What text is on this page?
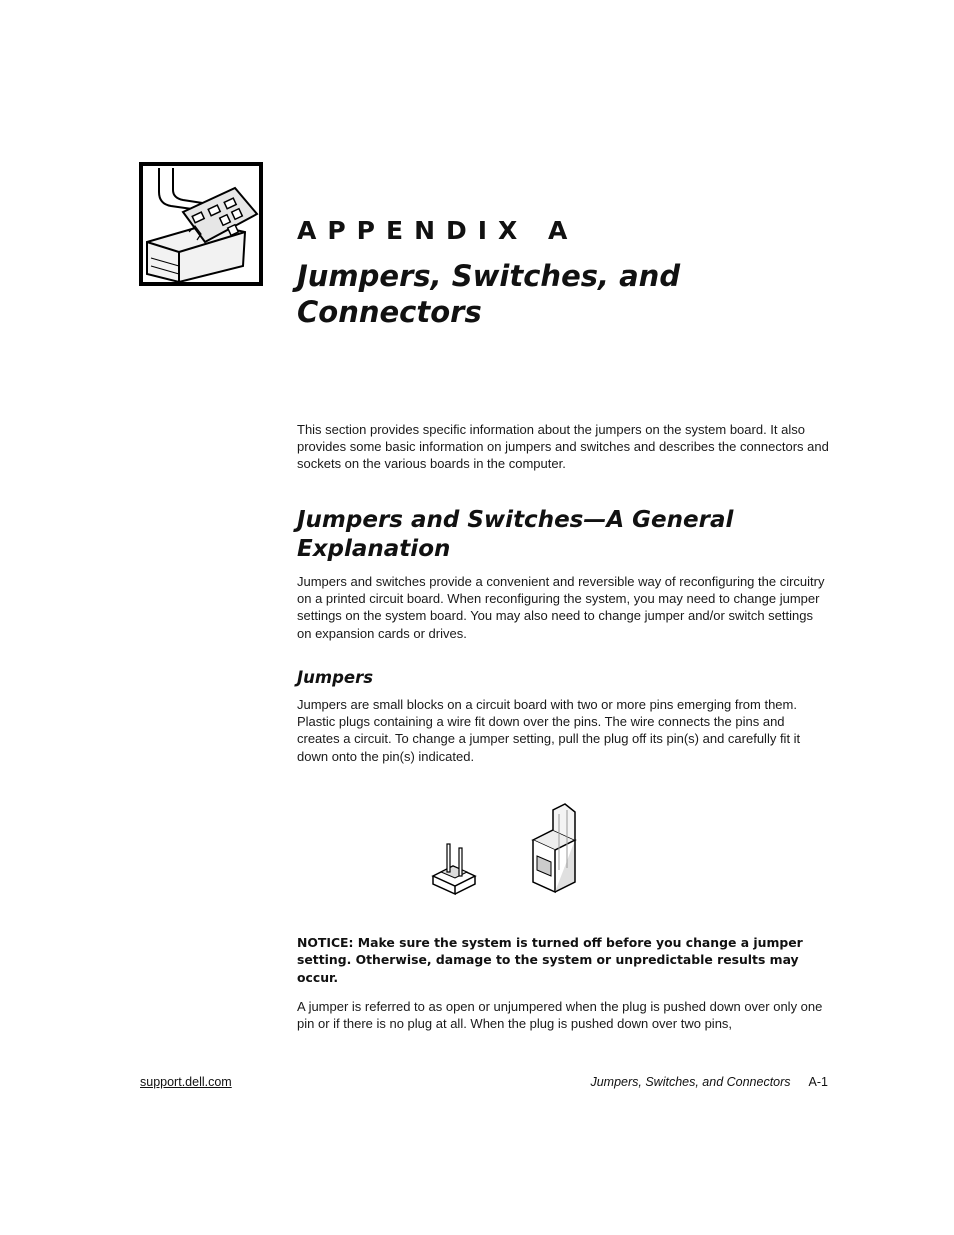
APPENDIX A
Jumpers, Switches, and Connectors

This section provides specific information about the jumpers on the system board. It also provides some basic information on jumpers and switches and describes the connectors and sockets on the various boards in the computer.

Jumpers and Switches—A General Explanation

Jumpers and switches provide a convenient and reversible way of reconfiguring the circuitry on a printed circuit board. When reconfiguring the system, you may need to change jumper settings on the system board. You may also need to change jumper and/or switch settings on expansion cards or drives.

Jumpers

Jumpers are small blocks on a circuit board with two or more pins emerging from them. Plastic plugs containing a wire fit down over the pins. The wire connects the pins and creates a circuit. To change a jumper setting, pull the plug off its pin(s) and carefully fit it down onto the pin(s) indicated.

NOTICE: Make sure the system is turned off before you change a jumper setting. Otherwise, damage to the system or unpredictable results may occur.

A jumper is referred to as open or unjumpered when the plug is pushed down over only one pin or if there is no plug at all. When the plug is pushed down over two pins,

support.dell.com	Jumpers, Switches, and Connectors A-1
